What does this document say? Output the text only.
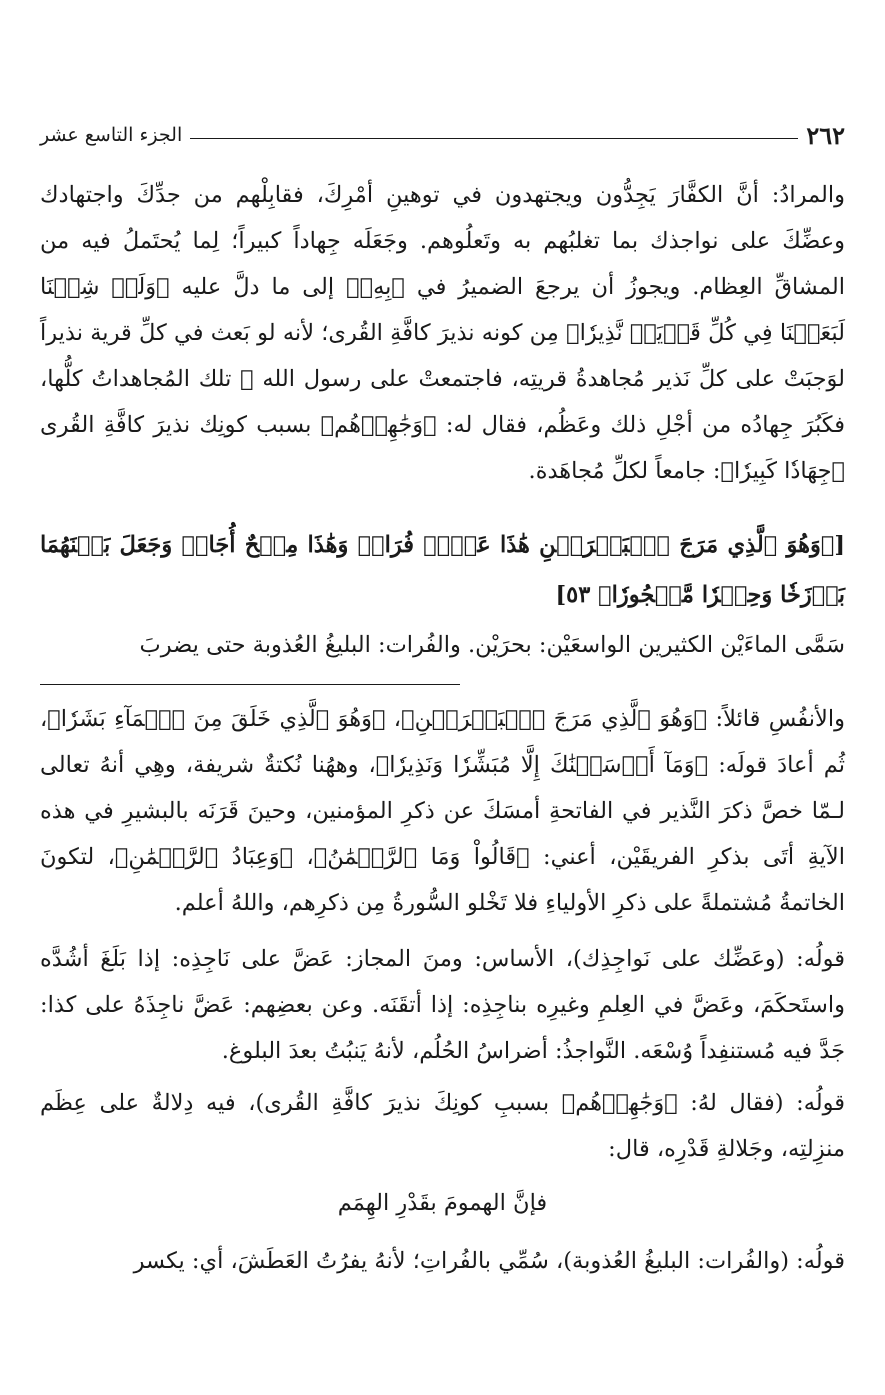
٢٦٢
الجزء التاسع عشر

والمرادُ: أنَّ الكفَّارَ يَجِدُّون ويجتهدون في توهينِ أمْرِكَ، فقابِلْهم من جدِّكَ واجتهادك وعضِّكَ على نواجذك بما تغلبُهم به وتَعلُوهم. وجَعَلَه جِهاداً كبيراً؛ لِما يُحتَملُ فيه من المشاقِّ العِظام. ويجوزُ أن يرجعَ الضميرُ في ﴿بِهِۦ﴾ إلى ما دلَّ عليه ﴿وَلَوۡ شِئۡنَا لَبَعَثۡنَا فِي كُلِّ قَرۡيَةٖ نَّذِيرٗا﴾ مِن كونه نذيرَ كافَّةِ القُرى؛ لأنه لو بَعث في كلِّ قرية نذيراً لوَجبَتْ على كلِّ نَذير مُجاهدةُ قريتِه، فاجتمعتْ على رسول الله ﷺ تلك المُجاهداتُ كلُّها، فكَبُرَ جِهادُه من أجْلِ ذلك وعَظُم، فقال له: ﴿وَجَٰهِدۡهُم﴾ بسبب كونِك نذيرَ كافَّةِ القُرى ﴿جِهَادٗا كَبِيرٗا﴾: جامعاً لكلِّ مُجاهَدة.

[﴿وَهُوَ ٱلَّذِي مَرَجَ ٱلۡبَحۡرَيۡنِ هَٰذَا عَذۡبٞ فُرَاتٞ وَهَٰذَا مِلۡحٌ أُجَاجٞ وَجَعَلَ بَيۡنَهُمَا بَرۡزَخٗا وَحِجۡرٗا مَّحۡجُورٗا﴾ ٥٣]

سَمَّى الماءَيْن الكثيرين الواسعَيْن: بحرَيْن. والفُرات: البليغُ العُذوبة حتى يضربَ

والأنفُسِ قائلاً: ﴿وَهُوَ ٱلَّذِي مَرَجَ ٱلۡبَحۡرَيۡنِ﴾، ﴿وَهُوَ ٱلَّذِي خَلَقَ مِنَ ٱلۡمَآءِ بَشَرٗا﴾، ثُم أعادَ قولَه: ﴿وَمَآ أَرۡسَلۡنَٰكَ إِلَّا مُبَشِّرٗا وَنَذِيرٗا﴾، وههُنا نُكتةٌ شريفة، وهِي أنهُ تعالى لـمّا خصَّ ذكرَ النَّذير في الفاتحةِ أمسَكَ عن ذكرِ المؤمنين، وحينَ قَرَنَه بالبشيرِ في هذه الآيةِ أتَى بذكرِ الفريقَيْن، أعني: ﴿قَالُواْ وَمَا ٱلرَّحۡمَٰنُ﴾، ﴿وَعِبَادُ ٱلرَّحۡمَٰنِ﴾، لتكونَ الخاتمةُ مُشتملةً على ذكرِ الأولياءِ فلا تَخْلو السُّورةُ مِن ذكرِهم، واللهُ أعلم.

قولُه: (وعَضِّك على نَواجِذِك)، الأساس: ومنَ المجاز: عَضَّ على نَاجِذِه: إذا بَلَغَ أشُدَّه واستَحكَمَ، وعَضَّ في العِلمِ وغيرِه بناجِذِه: إذا أتقَنَه. وعن بعضِهم: عَضَّ ناجِذَهُ على كذا: جَدَّ فيه مُستنفِداً وُسْعَه. النَّواجذُ: أضراسُ الحُلُم، لأنهُ يَنبُتُ بعدَ البلوغ.

قولُه: (فقال لهُ: ﴿وَجَٰهِدۡهُم﴾ بسببِ كونِكَ نذيرَ كافَّةِ القُرى)، فيه دِلالةٌ على عِظَم منزِلتِه، وجَلالةِ قَدْرِه، قال:

فإنَّ الهمومَ بقَدْرِ الهِمَم

قولُه: (والفُرات: البليغُ العُذوبة)، سُمِّي بالفُراتِ؛ لأنهُ يفرُتُ العَطَشَ، أي: يكسر
